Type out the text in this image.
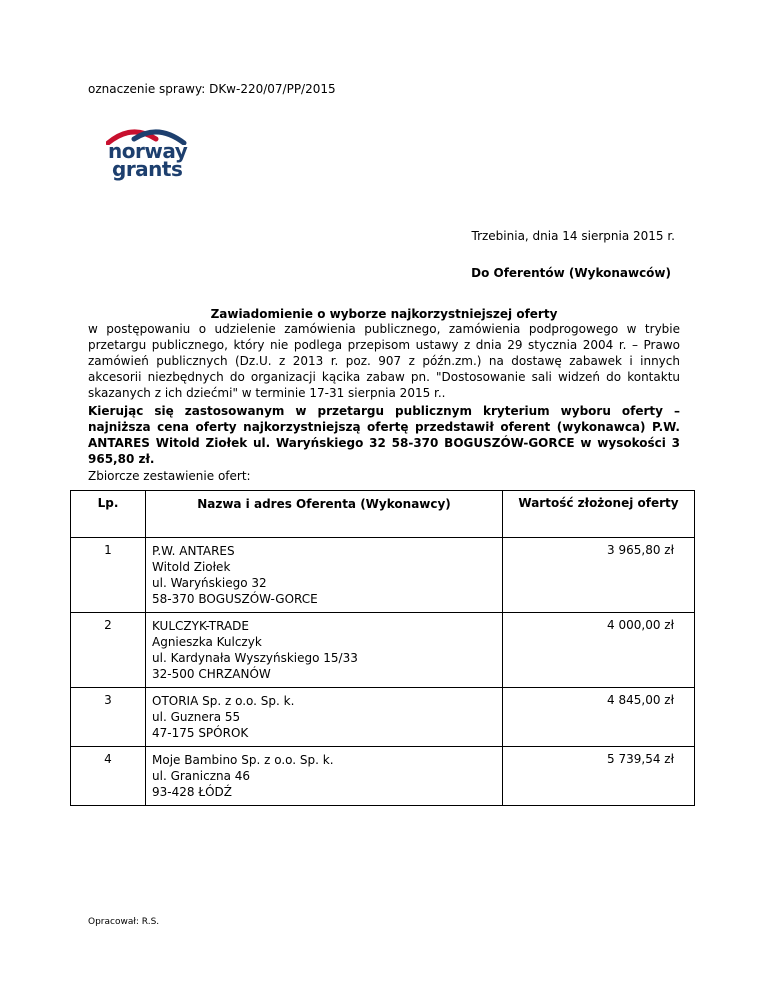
oznaczenie sprawy: DKw-220/07/PP/2015
norway
grants
Trzebinia, dnia 14 sierpnia 2015 r.
Do Oferentów (Wykonawców)
Zawiadomienie o wyborze najkorzystniejszej oferty
w postępowaniu o udzielenie zamówienia publicznego, zamówienia podprogowego w trybie przetargu publicznego, który nie podlega przepisom ustawy z dnia 29 stycznia 2004 r. – Prawo zamówień publicznych (Dz.U. z 2013 r. poz. 907 z późn.zm.) na dostawę zabawek i innych akcesorii niezbędnych do organizacji kącika zabaw pn. "Dostosowanie sali widzeń do kontaktu skazanych z ich dziećmi" w terminie 17-31 sierpnia 2015 r..
Kierując się zastosowanym w przetargu publicznym kryterium wyboru oferty – najniższa cena oferty najkorzystniejszą ofertę przedstawił oferent (wykonawca) P.W. ANTARES Witold Ziołek ul. Waryńskiego 32 58-370 BOGUSZÓW-GORCE w wysokości 3 965,80 zł.
Zbiorcze zestawienie ofert:
Lp.	Nazwa i adres Oferenta (Wykonawcy)	Wartość złożonej oferty
1	P.W. ANTARES
Witold Ziołek
ul. Waryńskiego 32
58-370 BOGUSZÓW-GORCE	3 965,80 zł
2	KULCZYK-TRADE
Agnieszka Kulczyk
ul. Kardynała Wyszyńskiego 15/33
32-500 CHRZANÓW	4 000,00 zł
3	OTORIA Sp. z o.o. Sp. k.
ul. Guznera 55
47-175 SPÓROK	4 845,00 zł
4	Moje Bambino Sp. z o.o. Sp. k.
ul. Graniczna 46
93-428 ŁÓDŹ	5 739,54 zł
Opracował: R.S.
